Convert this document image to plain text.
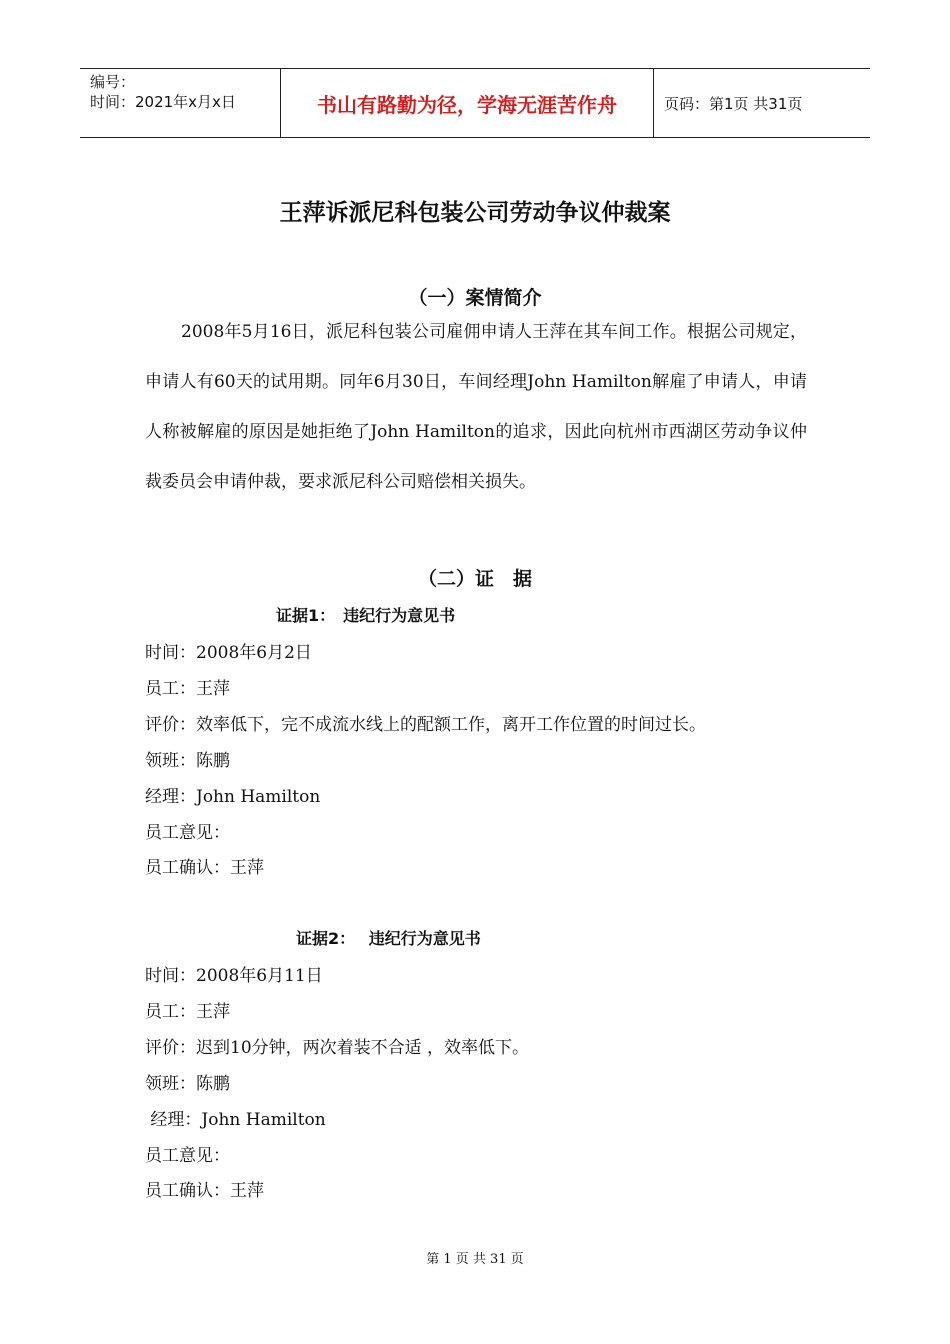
编号：
时间：2021年x月x日	书山有路勤为径，学海无涯苦作舟	页码：第1页 共31页
王萍诉派尼科包装公司劳动争议仲裁案
（一）案情简介
2008年5月16日，派尼科包装公司雇佣申请人王萍在其车间工作。根据公司规定，申请人有60天的试用期。同年6月30日，车间经理John Hamilton解雇了申请人，申请人称被解雇的原因是她拒绝了John Hamilton的追求，因此向杭州市西湖区劳动争议仲裁委员会申请仲裁，要求派尼科公司赔偿相关损失。
（二）证　据
证据1：　违纪行为意见书
时间：2008年6月2日
员工：王萍
评价：效率低下，完不成流水线上的配额工作，离开工作位置的时间过长。
领班：陈鹏
经理：John Hamilton
员工意见：
员工确认：王萍
证据2：　 违纪行为意见书
时间：2008年6月11日
员工：王萍
评价：迟到10分钟，两次着装不合适 ，效率低下。
领班：陈鹏
经理：John Hamilton
员工意见：
员工确认：王萍
第 1 页 共 31 页
